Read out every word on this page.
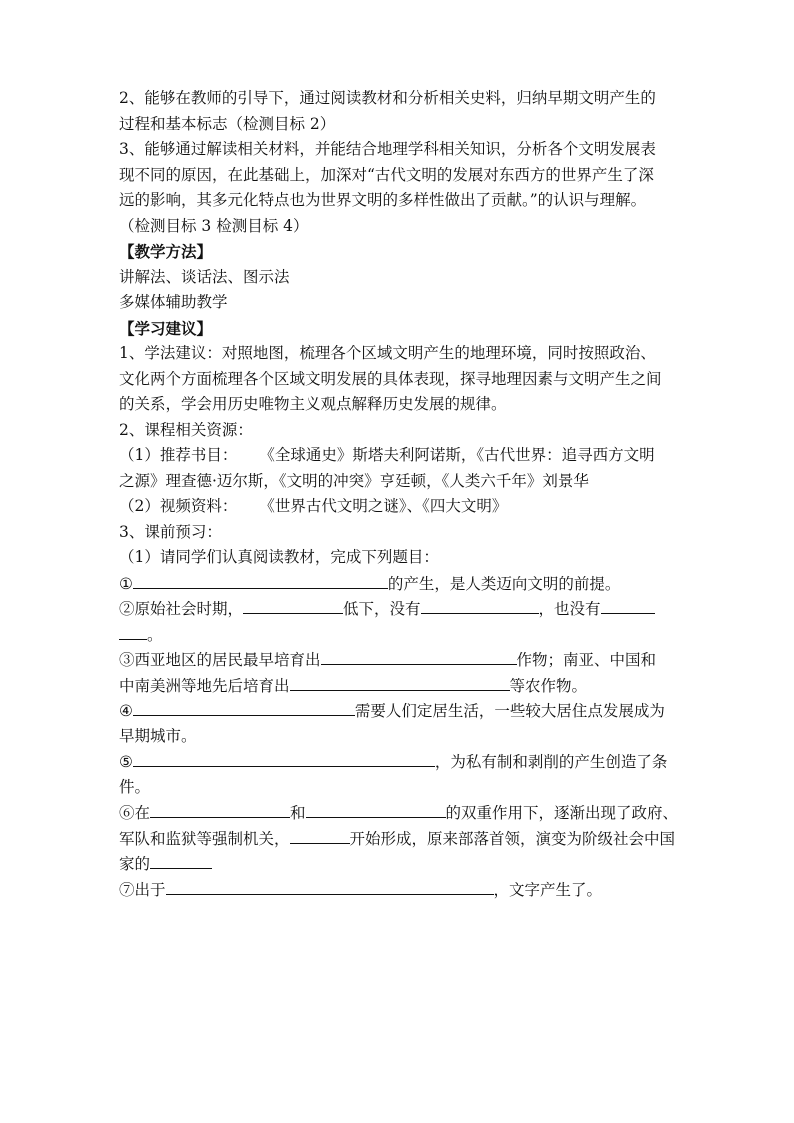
2、能够在教师的引导下，通过阅读教材和分析相关史料，归纳早期文明产生的
过程和基本标志（检测目标 2）
3、能够通过解读相关材料，并能结合地理学科相关知识，分析各个文明发展表
现不同的原因，在此基础上，加深对“古代文明的发展对东西方的世界产生了深
远的影响，其多元化特点也为世界文明的多样性做出了贡献。”的认识与理解。
（检测目标 3 检测目标 4）
【教学方法】
讲解法、谈话法、图示法
多媒体辅助教学
【学习建议】
1、学法建议：对照地图，梳理各个区域文明产生的地理环境，同时按照政治、
文化两个方面梳理各个区域文明发展的具体表现，探寻地理因素与文明产生之间
的关系，学会用历史唯物主义观点解释历史发展的规律。
2、课程相关资源：
（1）推荐书目： 《全球通史》斯塔夫利阿诺斯，《古代世界：追寻西方文明
之源》理查德·迈尔斯，《文明的冲突》亨廷顿，《人类六千年》刘景华
（2）视频资料： 《世界古代文明之谜》、《四大文明》
3、课前预习：
（1）请同学们认真阅读教材，完成下列题目：
①	的产生，是人类迈向文明的前提。
②原始社会时期，	低下，没有	，也没有
。
③西亚地区的居民最早培育出	作物；南亚、中国和
中南美洲等地先后培育出	等农作物。
④	需要人们定居生活，一些较大居住点发展成为
早期城市。
⑤	，为私有制和剥削的产生创造了条
件。
⑥在	和	的双重作用下，逐渐出现了政府、
军队和监狱等强制机关，	开始形成，原来部落首领，演变为阶级社会中国
家的
⑦出于	，文字产生了。
